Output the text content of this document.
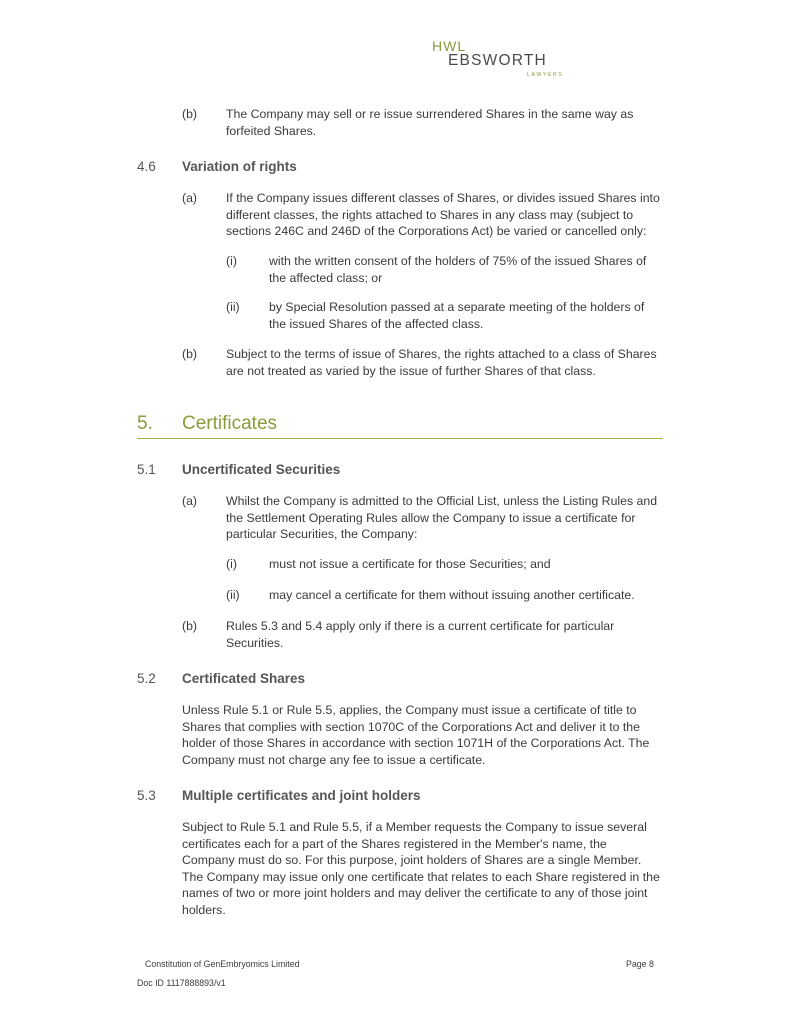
HWL
EBSWORTH
LAWYERS
(b) The Company may sell or re issue surrendered Shares in the same way as
forfeited Shares.
4.6 Variation of rights
(a) If the Company issues different classes of Shares, or divides issued Shares into
different classes, the rights attached to Shares in any class may (subject to
sections 246C and 246D of the Corporations Act) be varied or cancelled only:
(i)	with the written consent of the holders of 75% of the issued Shares of
the affected class; or
(ii) by Special Resolution passed at a separate meeting of the holders of
the issued Shares of the affected class.
(b) Subject to the terms of issue of Shares, the rights attached to a class of Shares
are not treated as varied by the issue of further Shares of that class.
5. Certificates
5.1 Uncertificated Securities
(a) Whilst the Company is admitted to the Official List, unless the Listing Rules and
the Settlement Operating Rules allow the Company to issue a certificate for
particular Securities, the Company:
(i)	must not issue a certificate for those Securities; and
(ii) may cancel a certificate for them without issuing another certificate.
(b) Rules 5.3 and 5.4 apply only if there is a current certificate for particular
Securities.
5.2 Certificated Shares
Unless Rule 5.1 or Rule 5.5, applies, the Company must issue a certificate of title to
Shares that complies with section 1070C of the Corporations Act and deliver it to the
holder of those Shares in accordance with section 1071H of the Corporations Act. The
Company must not charge any fee to issue a certificate.
5.3 Multiple certificates and joint holders
Subject to Rule 5.1 and Rule 5.5, if a Member requests the Company to issue several
certificates each for a part of the Shares registered in the Member's name, the
Company must do so. For this purpose, joint holders of Shares are a single Member.
The Company may issue only one certificate that relates to each Share registered in the
names of two or more joint holders and may deliver the certificate to any of those joint
holders.
Constitution of GenEmbryomics Limited	Page 8
Doc ID 1117888893/v1
